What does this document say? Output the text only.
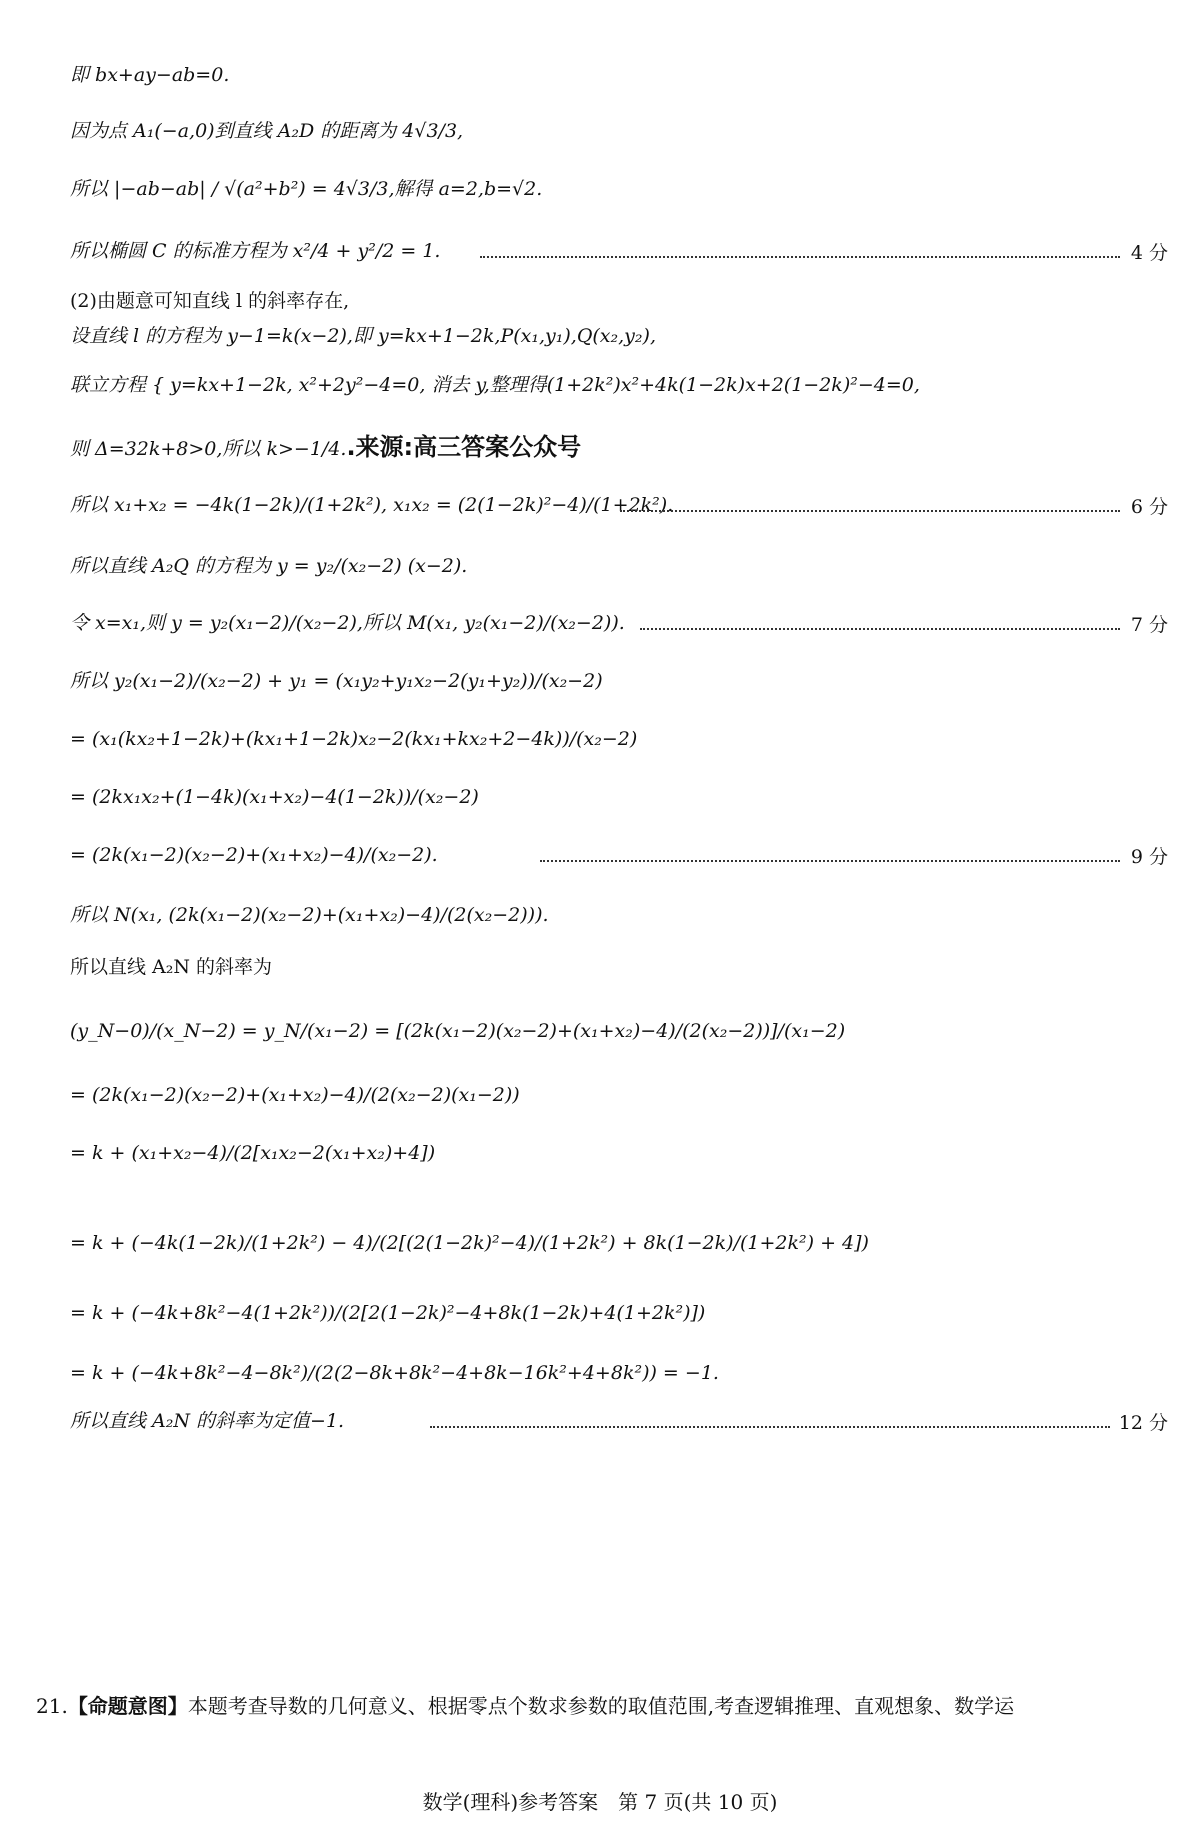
即 bx+ay−ab=0.
因为点 A₁(−a,0)到直线 A₂D 的距离为 4√3/3,
所以 |−ab−ab| / √(a²+b²) = 4√3/3,解得 a=2,b=√2.
所以椭圆 C 的标准方程为 x²/4 + y²/2 = 1.	4 分
(2)由题意可知直线 l 的斜率存在,
设直线 l 的方程为 y−1=k(x−2),即 y=kx+1−2k,P(x₁,y₁),Q(x₂,y₂),
联立方程 { y=kx+1−2k, x²+2y²−4=0, 消去 y,整理得(1+2k²)x²+4k(1−2k)x+2(1−2k)²−4=0,
则 Δ=32k+8>0,所以 k>−1/4..来源:高三答案公众号
所以 x₁+x₂ = −4k(1−2k)/(1+2k²), x₁x₂ = (2(1−2k)²−4)/(1+2k²).	6 分
所以直线 A₂Q 的方程为 y = y₂/(x₂−2) (x−2).
令 x=x₁,则 y = y₂(x₁−2)/(x₂−2),所以 M(x₁, y₂(x₁−2)/(x₂−2)).	7 分
所以 y₂(x₁−2)/(x₂−2) + y₁ = (x₁y₂+y₁x₂−2(y₁+y₂))/(x₂−2)
= (x₁(kx₂+1−2k)+(kx₁+1−2k)x₂−2(kx₁+kx₂+2−4k))/(x₂−2)
= (2kx₁x₂+(1−4k)(x₁+x₂)−4(1−2k))/(x₂−2)
= (2k(x₁−2)(x₂−2)+(x₁+x₂)−4)/(x₂−2).	9 分
所以 N(x₁, (2k(x₁−2)(x₂−2)+(x₁+x₂)−4)/(2(x₂−2))).
所以直线 A₂N 的斜率为
(y_N−0)/(x_N−2) = y_N/(x₁−2) = [(2k(x₁−2)(x₂−2)+(x₁+x₂)−4)/(2(x₂−2))]/(x₁−2)
= (2k(x₁−2)(x₂−2)+(x₁+x₂)−4)/(2(x₂−2)(x₁−2))
= k + (x₁+x₂−4)/(2[x₁x₂−2(x₁+x₂)+4])
= k + (−4k(1−2k)/(1+2k²) − 4)/(2[(2(1−2k)²−4)/(1+2k²) + 8k(1−2k)/(1+2k²) + 4])
= k + (−4k+8k²−4(1+2k²))/(2[2(1−2k)²−4+8k(1−2k)+4(1+2k²)])
= k + (−4k+8k²−4−8k²)/(2(2−8k+8k²−4+8k−16k²+4+8k²)) = −1.
所以直线 A₂N 的斜率为定值−1.	12 分
21.【命题意图】本题考查导数的几何意义、根据零点个数求参数的取值范围,考查逻辑推理、直观想象、数学运
数学(理科)参考答案　第 7 页(共 10 页)
